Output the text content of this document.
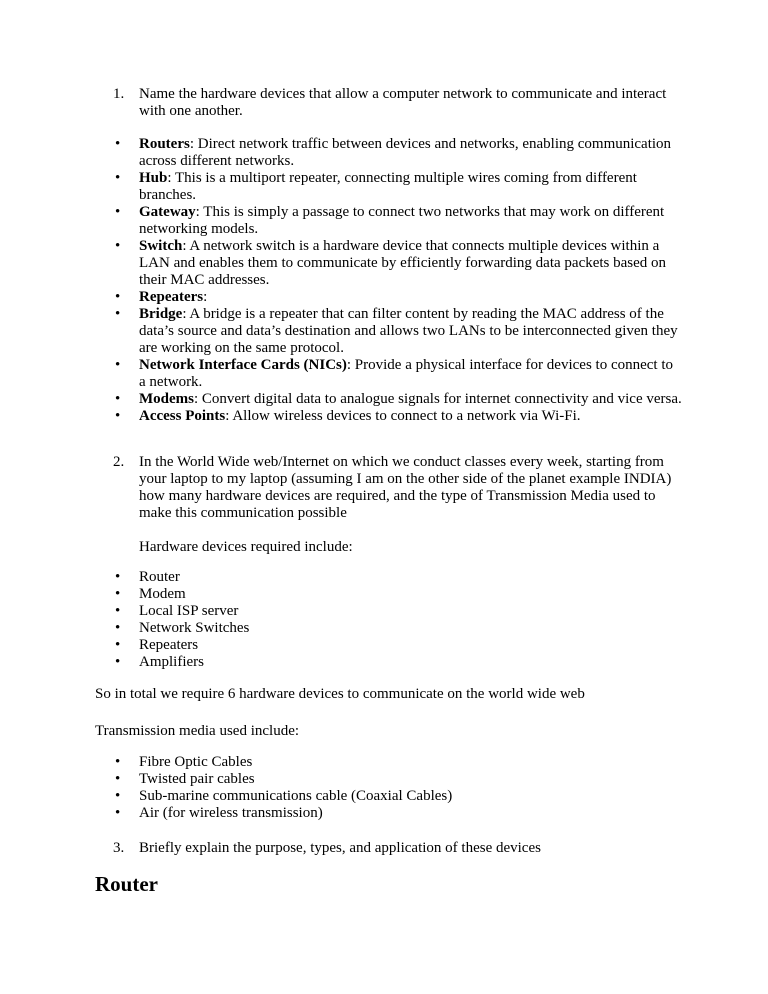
1. Name the hardware devices that allow a computer network to communicate and interact with one another.
• Routers: Direct network traffic between devices and networks, enabling communication across different networks.
• Hub: This is a multiport repeater, connecting multiple wires coming from different branches.
• Gateway: This is simply a passage to connect two networks that may work on different networking models.
• Switch: A network switch is a hardware device that connects multiple devices within a LAN and enables them to communicate by efficiently forwarding data packets based on their MAC addresses.
• Repeaters:
• Bridge: A bridge is a repeater that can filter content by reading the MAC address of the data’s source and data’s destination and allows two LANs to be interconnected given they are working on the same protocol.
• Network Interface Cards (NICs): Provide a physical interface for devices to connect to a network.
• Modems: Convert digital data to analogue signals for internet connectivity and vice versa.
• Access Points: Allow wireless devices to connect to a network via Wi-Fi.
2. In the World Wide web/Internet on which we conduct classes every week, starting from your laptop to my laptop (assuming I am on the other side of the planet example INDIA) how many hardware devices are required, and the type of Transmission Media used to make this communication possible
Hardware devices required include:
• Router
• Modem
• Local ISP server
• Network Switches
• Repeaters
• Amplifiers
So in total we require 6 hardware devices to communicate on the world wide web
Transmission media used include:
• Fibre Optic Cables
• Twisted pair cables
• Sub-marine communications cable (Coaxial Cables)
• Air (for wireless transmission)
3. Briefly explain the purpose, types, and application of these devices
Router
